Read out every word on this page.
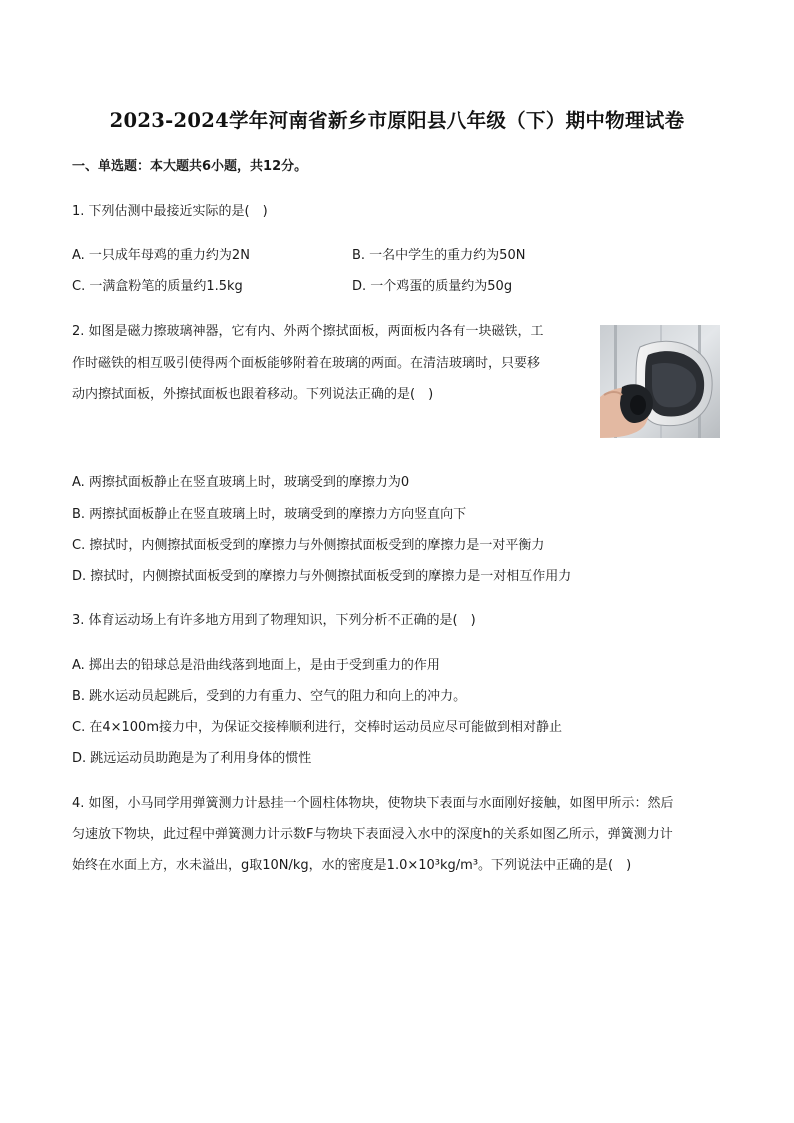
2023-2024学年河南省新乡市原阳县八年级（下）期中物理试卷
一、单选题：本大题共6小题，共12分。
1. 下列估测中最接近实际的是(　)
A. 一只成年母鸡的重力约为2N	B. 一名中学生的重力约为50N
C. 一满盒粉笔的质量约1.5kg	D. 一个鸡蛋的质量约为50g
2. 如图是磁力擦玻璃神器，它有内、外两个擦拭面板，两面板内各有一块磁铁，工
作时磁铁的相互吸引使得两个面板能够附着在玻璃的两面。在清洁玻璃时，只要移
动内擦拭面板，外擦拭面板也跟着移动。下列说法正确的是(　)
A. 两擦拭面板静止在竖直玻璃上时，玻璃受到的摩擦力为0
B. 两擦拭面板静止在竖直玻璃上时，玻璃受到的摩擦力方向竖直向下
C. 擦拭时，内侧擦拭面板受到的摩擦力与外侧擦拭面板受到的摩擦力是一对平衡力
D. 擦拭时，内侧擦拭面板受到的摩擦力与外侧擦拭面板受到的摩擦力是一对相互作用力
3. 体育运动场上有许多地方用到了物理知识，下列分析不正确的是(　)
A. 掷出去的铅球总是沿曲线落到地面上，是由于受到重力的作用
B. 跳水运动员起跳后，受到的力有重力、空气的阻力和向上的冲力。
C. 在4×100m接力中，为保证交接棒顺利进行，交棒时运动员应尽可能做到相对静止
D. 跳远运动员助跑是为了利用身体的惯性
4. 如图，小马同学用弹簧测力计悬挂一个圆柱体物块，使物块下表面与水面刚好接触，如图甲所示：然后
匀速放下物块，此过程中弹簧测力计示数F与物块下表面浸入水中的深度h的关系如图乙所示，弹簧测力计
始终在水面上方，水未溢出，g取10N/kg，水的密度是1.0×10³kg/m³。下列说法中正确的是(　)
